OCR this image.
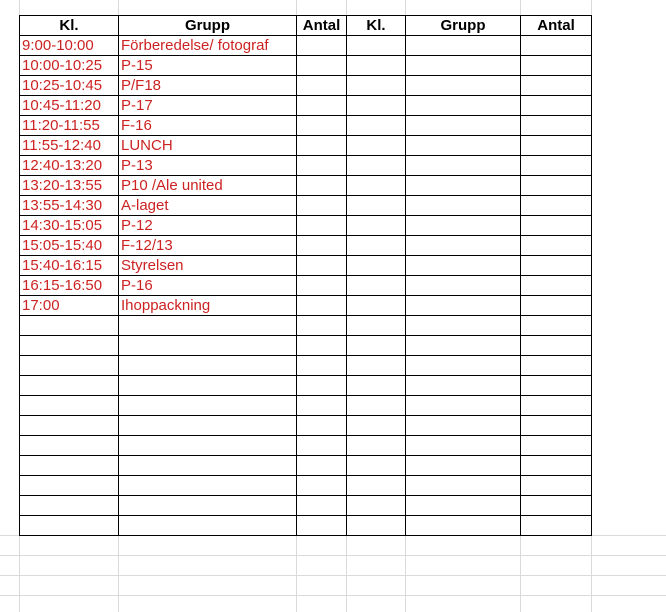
Kl.	Grupp	Antal	Kl.	Grupp	Antal
9:00-10:00	Förberedelse/ fotograf				
10:00-10:25	P-15				
10:25-10:45	P/F18				
10:45-11:20	P-17				
11:20-11:55	F-16				
11:55-12:40	LUNCH				
12:40-13:20	P-13				
13:20-13:55	P10 /Ale united				
13:55-14:30	A-laget				
14:30-15:05	P-12				
15:05-15:40	F-12/13				
15:40-16:15	Styrelsen				
16:15-16:50	P-16				
17:00	Ihoppackning				
